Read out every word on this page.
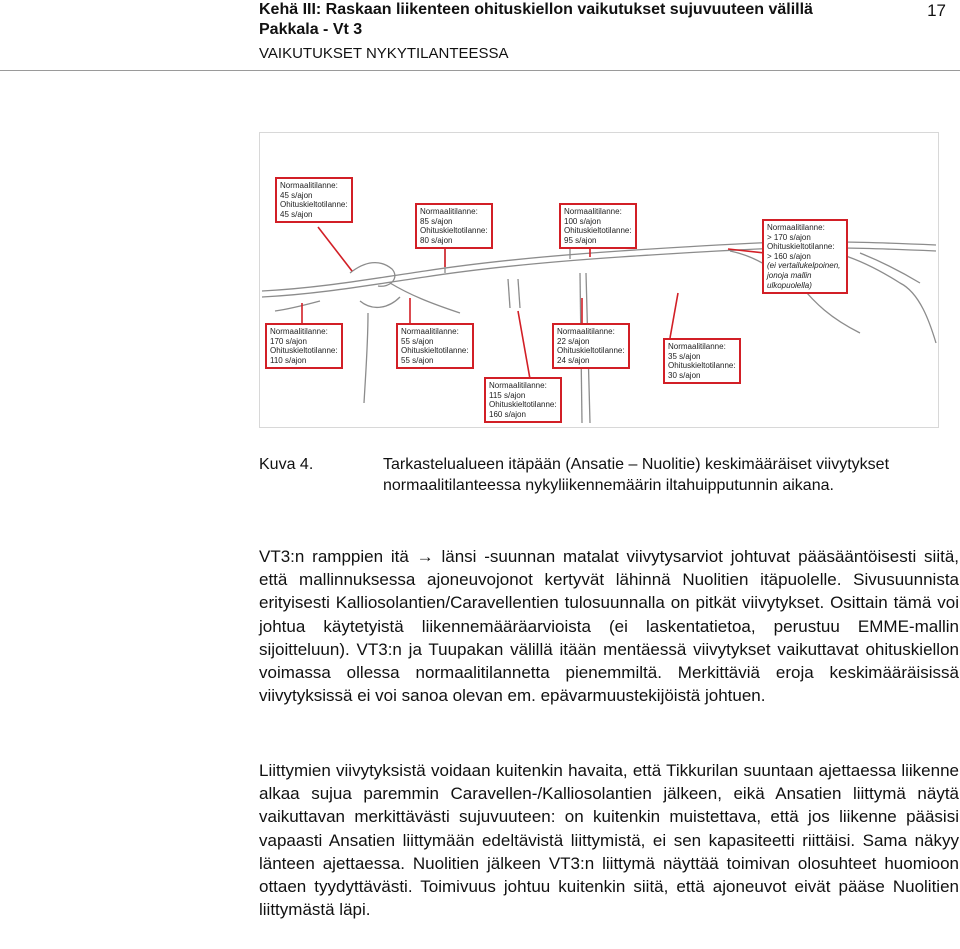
Kehä III: Raskaan liikenteen ohituskiellon vaikutukset sujuvuuteen välillä
Pakkala - Vt 3
VAIKUTUKSET NYKYTILANTEESSA
17
Normaalitilanne:
45 s/ajon
Ohituskieltotilanne:
45 s/ajon	Normaalitilanne:
85 s/ajon
Ohituskieltotilanne:
80 s/ajon
Normaalitilanne:
100 s/ajon
Ohituskieltotilanne:
95 s/ajon
Normaalitilanne:
> 170 s/ajon
Ohituskieltotilanne:
> 160 s/ajon
(ei vertailukelpoinen, jonoja mallin ulkopuolella)
Normaalitilanne:
170 s/ajon
Ohituskieltotilanne:
110 s/ajon
Normaalitilanne:
55 s/ajon
Ohituskieltotilanne:
55 s/ajon
Normaalitilanne:
22 s/ajon
Ohituskieltotilanne:
24 s/ajon
Normaalitilanne:
115 s/ajon
Ohituskieltotilanne:
160 s/ajon
Normaalitilanne:
35 s/ajon
Ohituskieltotilanne:
30 s/ajon
Kuva 4.	Tarkastelualueen itäpään (Ansatie – Nuolitie) keskimääräiset viivytykset normaalitilanteessa nykyliikennemäärin iltahuipputunnin aikana.
VT3:n ramppien itä → länsi -suunnan matalat viivytysarviot johtuvat pääsääntöisesti siitä, että mallinnuksessa ajoneuvojonot kertyvät lähinnä Nuolitien itäpuolelle. Sivusuunnista erityisesti Kalliosolantien/Caravellentien tulosuunnalla on pitkät viivytykset. Osittain tämä voi johtua käytetyistä liikennemääräarvioista (ei laskentatietoa, perustuu EMME-mallin sijoitteluun). VT3:n ja Tuupakan välillä itään mentäessä viivytykset vaikuttavat ohituskiellon voimassa ollessa normaalitilannetta pienemmiltä. Merkittäviä eroja keskimääräisissä viivytyksissä ei voi sanoa olevan em. epävarmuustekijöistä johtuen.
Liittymien viivytyksistä voidaan kuitenkin havaita, että Tikkurilan suuntaan ajettaessa liikenne alkaa sujua paremmin Caravellen-/Kalliosolantien jälkeen, eikä Ansatien liittymä näytä vaikuttavan merkittävästi sujuvuuteen: on kuitenkin muistettava, että jos liikenne pääsisi vapaasti Ansatien liittymään edeltävistä liittymistä, ei sen kapasiteetti riittäisi. Sama näkyy länteen ajettaessa. Nuolitien jälkeen VT3:n liittymä näyttää toimivan olosuhteet huomioon ottaen tyydyttävästi. Toimivuus johtuu kuitenkin siitä, että ajoneuvot eivät pääse Nuolitien liittymästä läpi.
